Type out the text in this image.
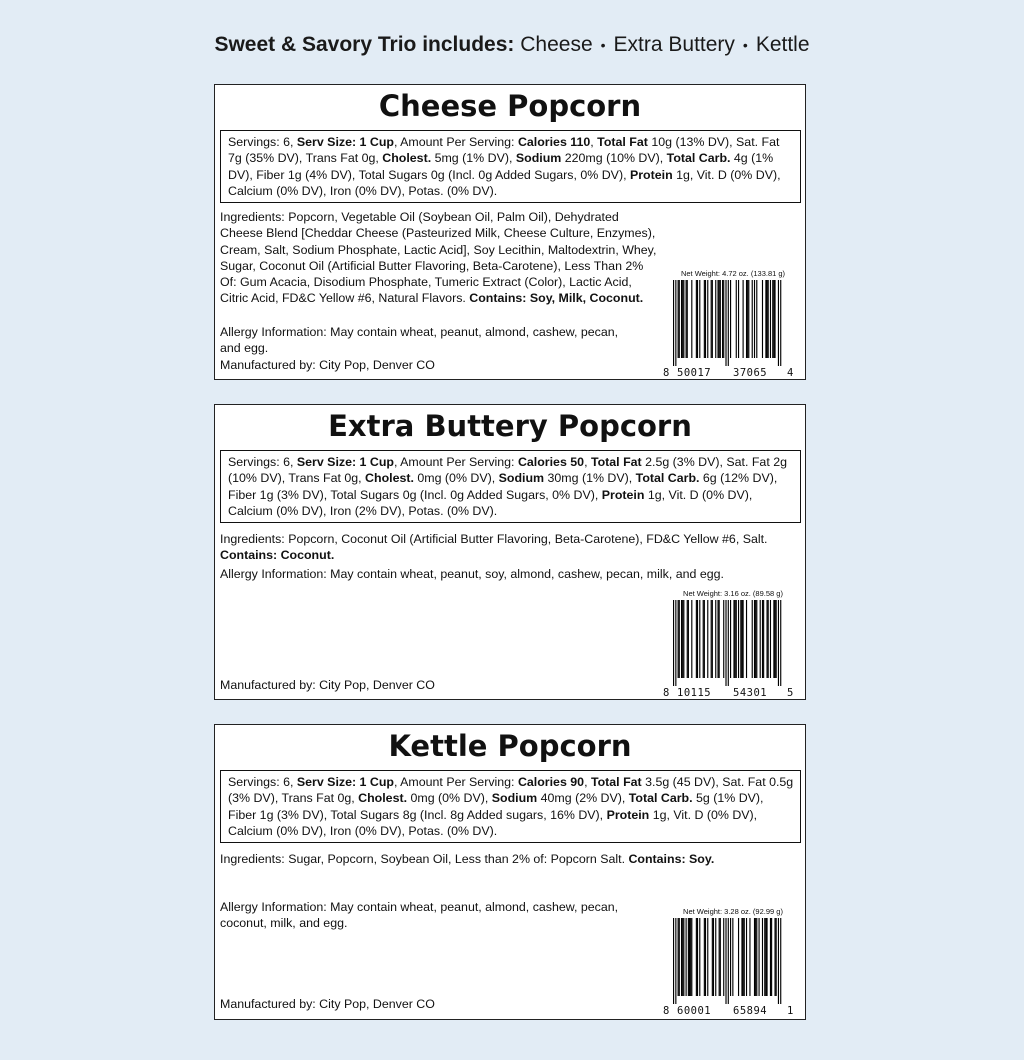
Sweet & Savory Trio includes: Cheese • Extra Buttery • Kettle
Cheese Popcorn
Servings: 6, Serv Size: 1 Cup, Amount Per Serving: Calories 110, Total Fat 10g (13% DV), Sat. Fat 7g (35% DV), Trans Fat 0g, Cholest. 5mg (1% DV), Sodium 220mg (10% DV), Total Carb. 4g (1% DV), Fiber 1g (4% DV), Total Sugars 0g (Incl. 0g Added Sugars, 0% DV), Protein 1g, Vit. D (0% DV), Calcium (0% DV), Iron (0% DV), Potas. (0% DV).
Ingredients: Popcorn, Vegetable Oil (Soybean Oil, Palm Oil), Dehydrated Cheese Blend [Cheddar Cheese (Pasteurized Milk, Cheese Culture, Enzymes), Cream, Salt, Sodium Phosphate, Lactic Acid], Soy Lecithin, Maltodextrin, Whey, Sugar, Coconut Oil (Artificial Butter Flavoring, Beta-Carotene), Less Than 2% Of: Gum Acacia, Disodium Phosphate, Tumeric Extract (Color), Lactic Acid, Citric Acid, FD&C Yellow #6, Natural Flavors. Contains: Soy, Milk, Coconut.
Allergy Information: May contain wheat, peanut, almond, cashew, pecan, and egg.
Manufactured by: City Pop, Denver CO
Net Weight: 4.72 oz. (133.81 g)
8 50017 37065 4
Extra Buttery Popcorn
Servings: 6, Serv Size: 1 Cup, Amount Per Serving: Calories 50, Total Fat 2.5g (3% DV), Sat. Fat 2g (10% DV), Trans Fat 0g, Cholest. 0mg (0% DV), Sodium 30mg (1% DV), Total Carb. 6g (12% DV), Fiber 1g (3% DV), Total Sugars 0g (Incl. 0g Added Sugars, 0% DV), Protein 1g, Vit. D (0% DV), Calcium (0% DV), Iron (2% DV), Potas. (0% DV).
Ingredients: Popcorn, Coconut Oil (Artificial Butter Flavoring, Beta-Carotene), FD&C Yellow #6, Salt. Contains: Coconut.
Allergy Information: May contain wheat, peanut, soy, almond, cashew, pecan, milk, and egg.
Manufactured by: City Pop, Denver CO
Net Weight: 3.16 oz. (89.58 g)
8 10115 54301 5
Kettle Popcorn
Servings: 6, Serv Size: 1 Cup, Amount Per Serving: Calories 90, Total Fat 3.5g (45 DV), Sat. Fat 0.5g (3% DV), Trans Fat 0g, Cholest. 0mg (0% DV), Sodium 40mg (2% DV), Total Carb. 5g (1% DV), Fiber 1g (3% DV), Total Sugars 8g (Incl. 8g Added sugars, 16% DV), Protein 1g, Vit. D (0% DV), Calcium (0% DV), Iron (0% DV), Potas. (0% DV).
Ingredients: Sugar, Popcorn, Soybean Oil, Less than 2% of: Popcorn Salt. Contains: Soy.
Allergy Information: May contain wheat, peanut, almond, cashew, pecan, coconut, milk, and egg.
Manufactured by: City Pop, Denver CO
Net Weight: 3.28 oz. (92.99 g)
8 60001 65894 1
